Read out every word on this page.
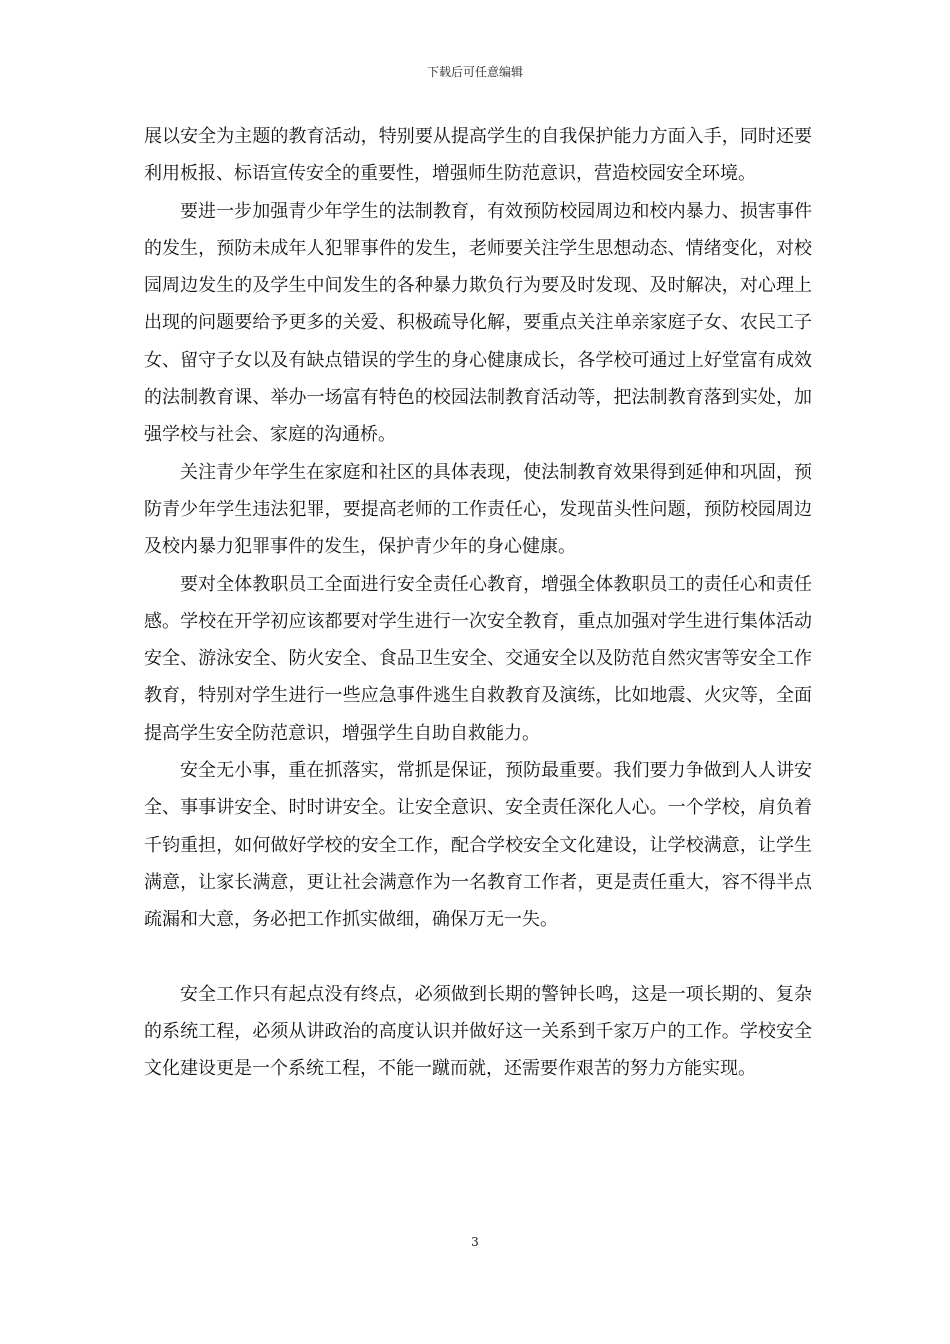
下载后可任意编辑

展以安全为主题的教育活动，特别要从提高学生的自我保护能力方面入手，同时还要利用板报、标语宣传安全的重要性，增强师生防范意识，营造校园安全环境。

要进一步加强青少年学生的法制教育，有效预防校园周边和校内暴力、损害事件的发生，预防未成年人犯罪事件的发生，老师要关注学生思想动态、情绪变化，对校园周边发生的及学生中间发生的各种暴力欺负行为要及时发现、及时解决，对心理上出现的问题要给予更多的关爱、积极疏导化解，要重点关注单亲家庭子女、农民工子女、留守子女以及有缺点错误的学生的身心健康成长，各学校可通过上好堂富有成效的法制教育课、举办一场富有特色的校园法制教育活动等，把法制教育落到实处，加强学校与社会、家庭的沟通桥。

关注青少年学生在家庭和社区的具体表现，使法制教育效果得到延伸和巩固，预防青少年学生违法犯罪，要提高老师的工作责任心，发现苗头性问题，预防校园周边及校内暴力犯罪事件的发生，保护青少年的身心健康。

要对全体教职员工全面进行安全责任心教育，增强全体教职员工的责任心和责任感。学校在开学初应该都要对学生进行一次安全教育，重点加强对学生进行集体活动安全、游泳安全、防火安全、食品卫生安全、交通安全以及防范自然灾害等安全工作教育，特别对学生进行一些应急事件逃生自救教育及演练，比如地震、火灾等，全面提高学生安全防范意识，增强学生自助自救能力。

安全无小事，重在抓落实，常抓是保证，预防最重要。我们要力争做到人人讲安全、事事讲安全、时时讲安全。让安全意识、安全责任深化人心。一个学校，肩负着千钧重担，如何做好学校的安全工作，配合学校安全文化建设，让学校满意，让学生满意，让家长满意，更让社会满意作为一名教育工作者，更是责任重大，容不得半点疏漏和大意，务必把工作抓实做细，确保万无一失。

安全工作只有起点没有终点，必须做到长期的警钟长鸣，这是一项长期的、复杂的系统工程，必须从讲政治的高度认识并做好这一关系到千家万户的工作。学校安全文化建设更是一个系统工程，不能一蹴而就，还需要作艰苦的努力方能实现。

3
